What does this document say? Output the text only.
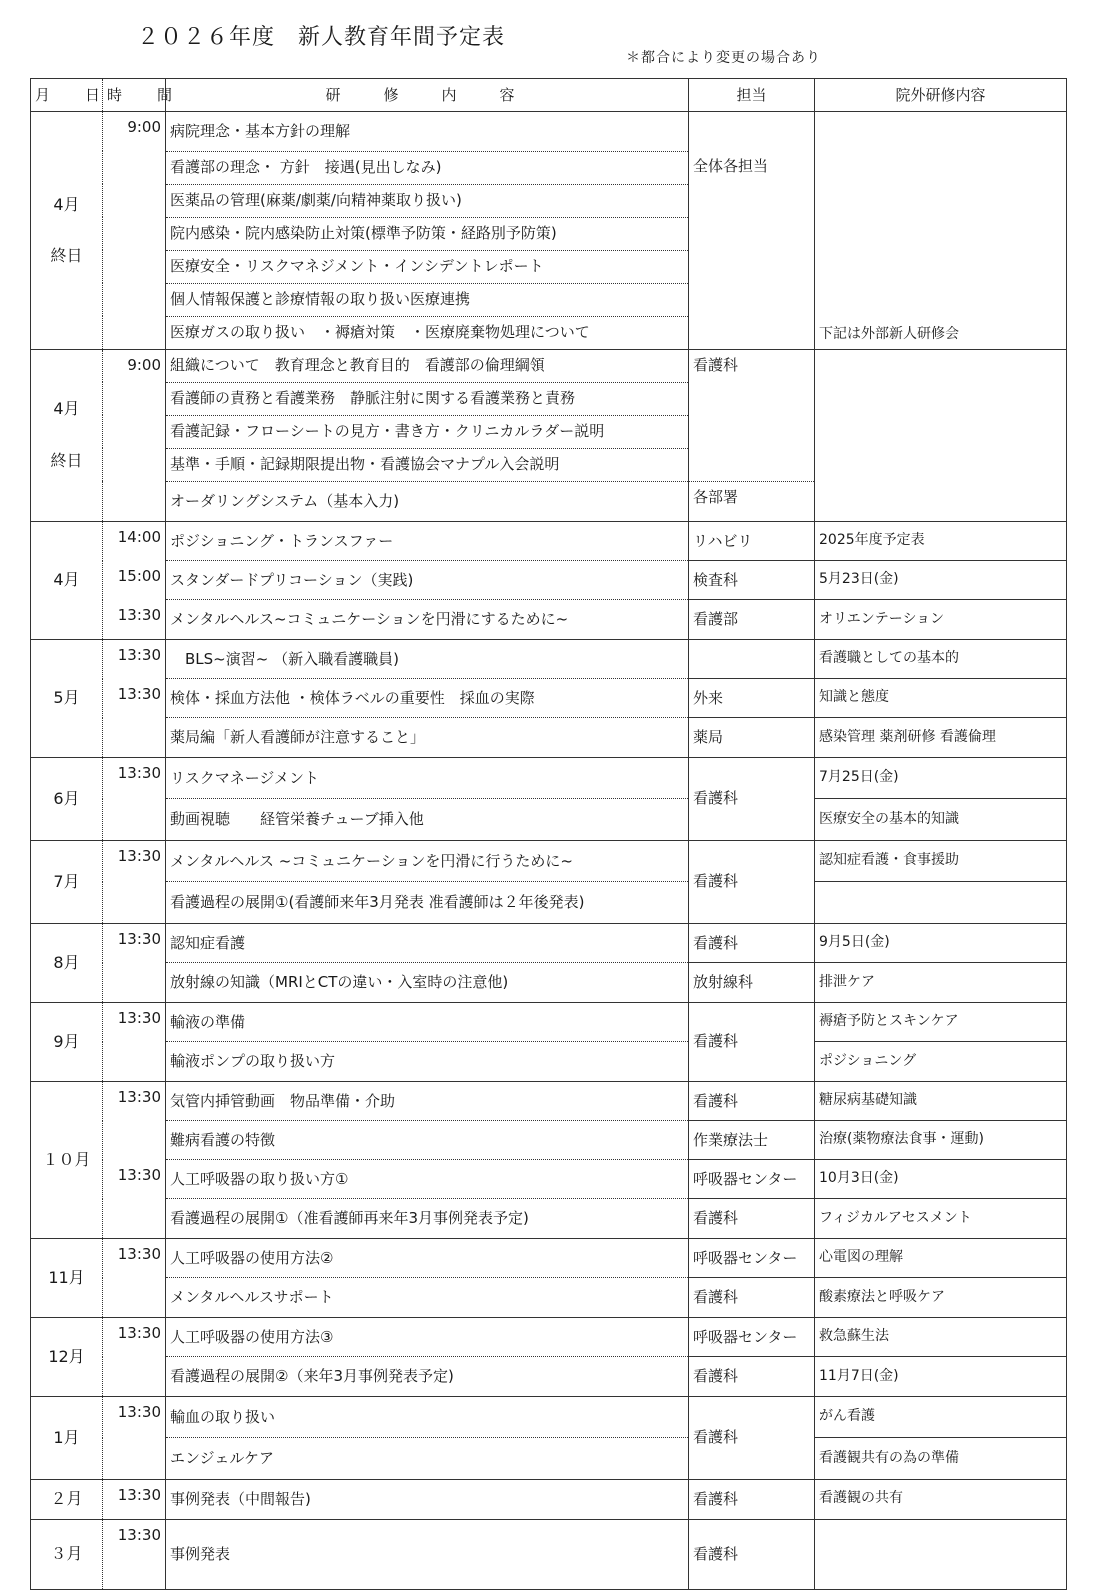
２０２６年度　新人教育年間予定表
＊都合により変更の場合あり
月　日	時　間	研　修　内　容	担当	院外研修内容

4月
終日	9:00	病院理念・基本方針の理解		下記は外部新人研修会
		看護部の理念・ 方針　接遇(見出しなみ)	全体各担当	
		医薬品の管理(麻薬/劇薬/向精神薬取り扱い)		
		院内感染・院内感染防止対策(標準予防策・経路別予防策)		
		医療安全・リスクマネジメント・インシデントレポート		
		個人情報保護と診療情報の取り扱い医療連携		
		医療ガスの取り扱い　・褥瘡対策　・医療廃棄物処理について		

4月
終日	9:00	組織について　教育理念と教育目的　看護部の倫理綱領	看護科	
		看護師の責務と看護業務　静脈注射に関する看護業務と責務		
		看護記録・フローシートの見方・書き方・クリニカルラダー説明		
		基準・手順・記録期限提出物・看護協会マナプル入会説明		
		オーダリングシステム（基本入力)	各部署	

4月	14:00	ポジショニング・トランスファー	リハビリ	2025年度予定表
	15:00	スタンダードプリコーション（実践)	検査科	5月23日(金)
	13:30	メンタルヘルス~コミュニケーションを円滑にするために~	看護部	オリエンテーション

5月	13:30	　BLS~演習~ （新入職看護職員)		看護職としての基本的
	13:30	検体・採血方法他 ・検体ラベルの重要性　採血の実際	外来	知識と態度
		薬局編「新人看護師が注意すること」	薬局	感染管理 薬剤研修 看護倫理

6月	13:30	リスクマネージメント	看護科	7月25日(金)
		動画視聴　　経管栄養チューブ挿入他		医療安全の基本的知識

7月	13:30	メンタルヘルス ~コミュニケーションを円滑に行うために~	看護科	認知症看護・食事援助
		看護過程の展開①(看護師来年3月発表 准看護師は２年後発表)		

8月	13:30	認知症看護	看護科	9月5日(金)
		放射線の知識（MRIとCTの違い・入室時の注意他)	放射線科	排泄ケア

9月	13:30	輸液の準備	看護科	褥瘡予防とスキンケア
		輸液ポンプの取り扱い方		ポジショニング

１０月	13:30	気管内挿管動画　物品準備・介助	看護科	糖尿病基礎知識
		難病看護の特徴	作業療法士	治療(薬物療法食事・運動)
	13:30	人工呼吸器の取り扱い方①	呼吸器センター	10月3日(金)
		看護過程の展開①（准看護師再来年3月事例発表予定)	看護科	フィジカルアセスメント

11月	13:30	人工呼吸器の使用方法②	呼吸器センター	心電図の理解
		メンタルヘルスサポート	看護科	酸素療法と呼吸ケア

12月	13:30	人工呼吸器の使用方法③	呼吸器センター	救急蘇生法
		看護過程の展開②（来年3月事例発表予定)	看護科	11月7日(金)

1月	13:30	輸血の取り扱い	看護科	がん看護
		エンジェルケア		看護観共有の為の準備

２月	13:30	事例発表（中間報告)	看護科	看護観の共有

３月	13:30	事例発表	看護科	
